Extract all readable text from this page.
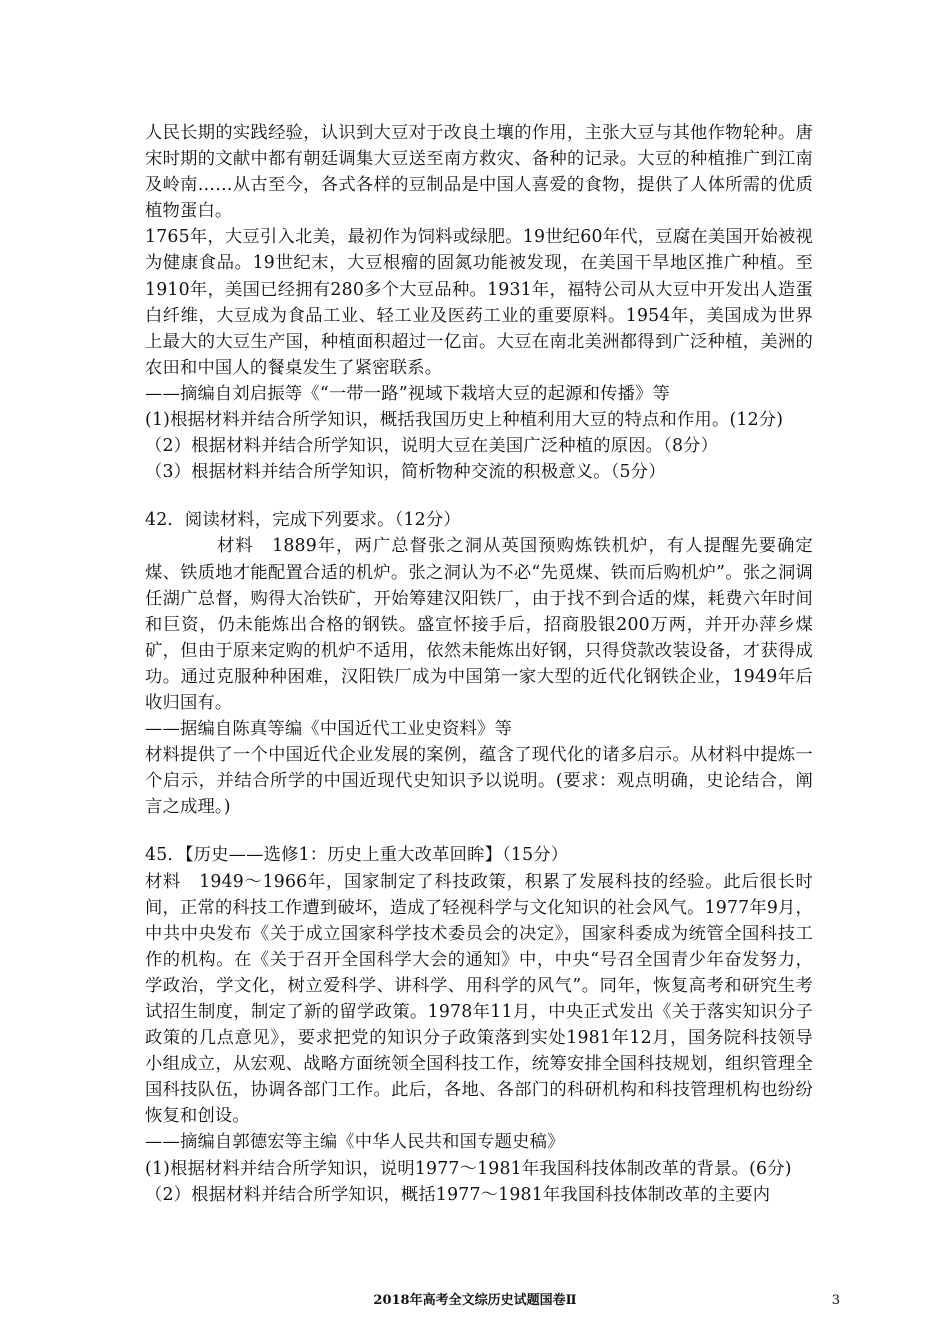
人民长期的实践经验，认识到大豆对于改良土壤的作用，主张大豆与其他作物轮种。唐宋时期的文献中都有朝廷调集大豆送至南方救灾、备种的记录。大豆的种植推广到江南及岭南……从古至今，各式各样的豆制品是中国人喜爱的食物，提供了人体所需的优质植物蛋白。

1765年，大豆引入北美，最初作为饲料或绿肥。19世纪60年代，豆腐在美国开始被视为健康食品。19世纪末，大豆根瘤的固氮功能被发现，在美国干旱地区推广种植。至1910年，美国已经拥有280多个大豆品种。1931年，福特公司从大豆中开发出人造蛋白纤维，大豆成为食品工业、轻工业及医药工业的重要原料。1954年，美国成为世界上最大的大豆生产国，种植面积超过一亿亩。大豆在南北美洲都得到广泛种植，美洲的农田和中国人的餐桌发生了紧密联系。

——摘编自刘启振等《“一带一路”视域下栽培大豆的起源和传播》等

(1)根据材料并结合所学知识，概括我国历史上种植利用大豆的特点和作用。(12分)

（2）根据材料并结合所学知识，说明大豆在美国广泛种植的原因。（8分）

（3）根据材料并结合所学知识，简析物种交流的积极意义。（5分）

42．阅读材料，完成下列要求。（12分）

材料　1889年，两广总督张之洞从英国预购炼铁机炉，有人提醒先要确定煤、铁质地才能配置合适的机炉。张之洞认为不必“先觅煤、铁而后购机炉”。张之洞调任湖广总督，购得大冶铁矿，开始筹建汉阳铁厂，由于找不到合适的煤，耗费六年时间和巨资，仍未能炼出合格的钢铁。盛宣怀接手后，招商股银200万两，并开办萍乡煤矿，但由于原来定购的机炉不适用，依然未能炼出好钢，只得贷款改装设备，才获得成功。通过克服种种困难，汉阳铁厂成为中国第一家大型的近代化钢铁企业，1949年后收归国有。

——据编自陈真等编《中国近代工业史资料》等

材料提供了一个中国近代企业发展的案例，蕴含了现代化的诸多启示。从材料中提炼一个启示，并结合所学的中国近现代史知识予以说明。(要求：观点明确，史论结合，阐言之成理。)

45．【历史——选修1：历史上重大改革回眸】（15分）

材料　1949～1966年，国家制定了科技政策，积累了发展科技的经验。此后很长时间，正常的科技工作遭到破坏，造成了轻视科学与文化知识的社会风气。1977年9月，中共中央发布《关于成立国家科学技术委员会的决定》，国家科委成为统管全国科技工作的机构。在《关于召开全国科学大会的通知》中，中央“号召全国青少年奋发努力，学政治，学文化，树立爱科学、讲科学、用科学的风气”。同年，恢复高考和研究生考试招生制度，制定了新的留学政策。1978年11月，中央正式发出《关于落实知识分子政策的几点意见》，要求把党的知识分子政策落到实处1981年12月，国务院科技领导小组成立，从宏观、战略方面统领全国科技工作，统筹安排全国科技规划，组织管理全国科技队伍，协调各部门工作。此后，各地、各部门的科研机构和科技管理机构也纷纷恢复和创设。

——摘编自郭德宏等主编《中华人民共和国专题史稿》

(1)根据材料并结合所学知识，说明1977～1981年我国科技体制改革的背景。(6分)

（2）根据材料并结合所学知识，概括1977～1981年我国科技体制改革的主要内

2018年高考全文综历史试题国卷Ⅱ	3
